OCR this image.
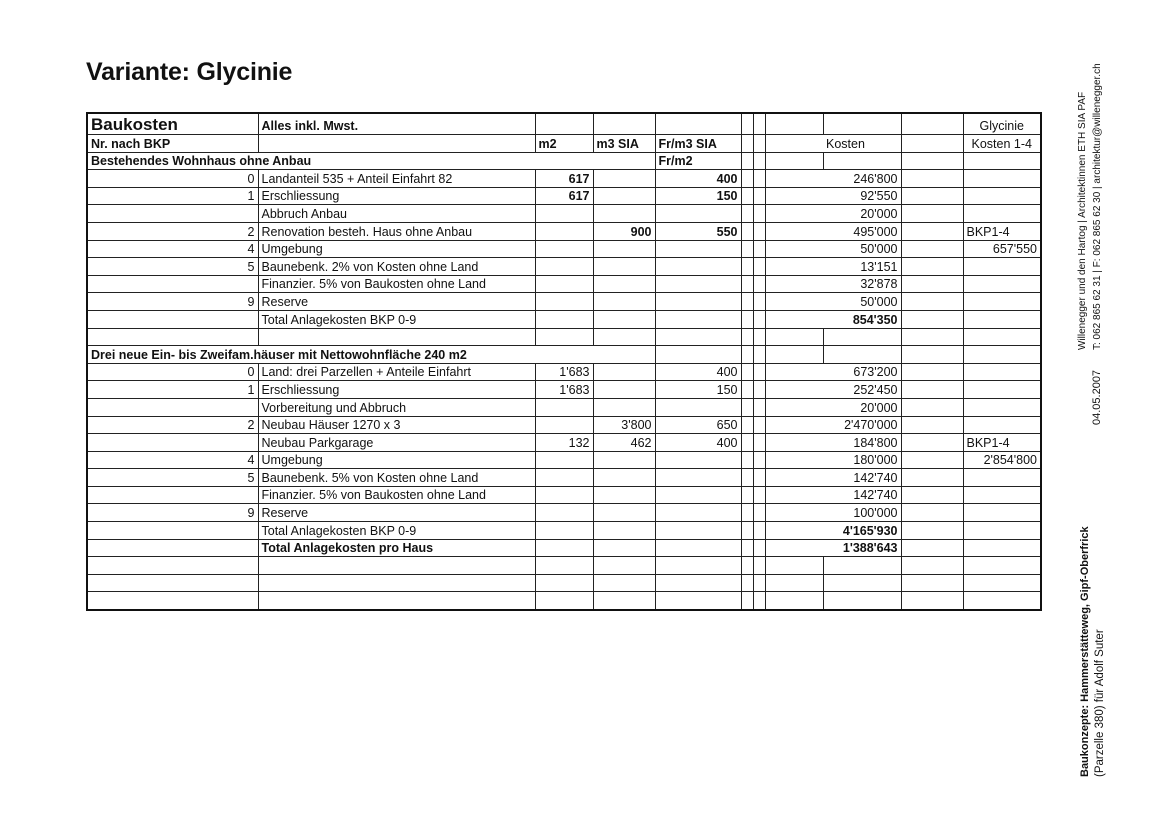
Variante: Glycinie
Baukosten	Alles inkl. Mwst.									Glycinie
Nr. nach BKP		m2	m3 SIA	Fr/m3 SIA				Kosten		Kosten 1-4
Bestehendes Wohnhaus ohne Anbau				Fr/m2						
0	Landanteil 535 + Anteil Einfahrt 82	617		400				246'800		
1	Erschliessung	617		150				92'550		
	Abbruch Anbau							20'000		
2	Renovation besteh. Haus ohne Anbau		900	550				495'000		BKP1-4
4	Umgebung							50'000		657'550
5	Baunebenk. 2% von Kosten ohne Land							13'151		
	Finanzier. 5% von Baukosten ohne Land							32'878		
9	Reserve							50'000		
	Total Anlagekosten BKP 0-9							854'350		

Drei neue Ein- bis Zweifam.häuser mit Nettowohnfläche 240 m2										
0	Land: drei Parzellen + Anteile Einfahrt	1'683		400				673'200		
1	Erschliessung	1'683		150				252'450		
	Vorbereitung und Abbruch							20'000		
2	Neubau Häuser 1270 x 3		3'800	650				2'470'000		
	Neubau Parkgarage	132	462	400				184'800		BKP1-4
4	Umgebung							180'000		2'854'800
5	Baunebenk. 5% von Kosten ohne Land							142'740		
	Finanzier. 5% von Baukosten ohne Land							142'740		
9	Reserve							100'000		
	Total Anlagekosten BKP 0-9							4'165'930		
	Total Anlagekosten pro Haus							1'388'643		

											Baukonzepte: Hammerstätteweg, Gipf-Oberfrick (Parzelle 380) für Adolf Suter
04.05.2007
Willenegger und den Hartog | Architektinnen ETH SIA PAF T: 062 865 62 31 | F: 062 865 62 30 | architektur@willenegger.ch
